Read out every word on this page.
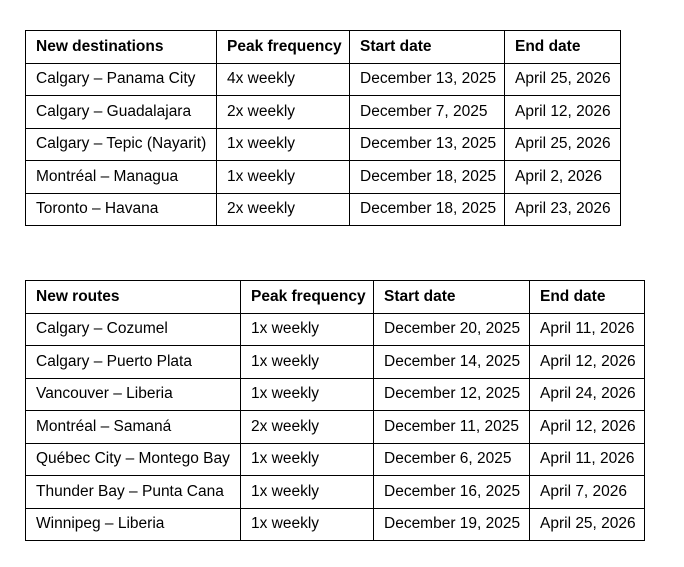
New destinations	Peak frequency	Start date	End date
Calgary – Panama City	4x weekly	December 13, 2025	April 25, 2026
Calgary – Guadalajara	2x weekly	December 7, 2025	April 12, 2026
Calgary – Tepic (Nayarit)	1x weekly	December 13, 2025	April 25, 2026
Montréal – Managua	1x weekly	December 18, 2025	April 2, 2026
Toronto – Havana	2x weekly	December 18, 2025	April 23, 2026
New routes	Peak frequency	Start date	End date
Calgary – Cozumel	1x weekly	December 20, 2025	April 11, 2026
Calgary – Puerto Plata	1x weekly	December 14, 2025	April 12, 2026
Vancouver – Liberia	1x weekly	December 12, 2025	April 24, 2026
Montréal – Samaná	2x weekly	December 11, 2025	April 12, 2026
Québec City – Montego Bay	1x weekly	December 6, 2025	April 11, 2026
Thunder Bay – Punta Cana	1x weekly	December 16, 2025	April 7, 2026
Winnipeg – Liberia	1x weekly	December 19, 2025	April 25, 2026
